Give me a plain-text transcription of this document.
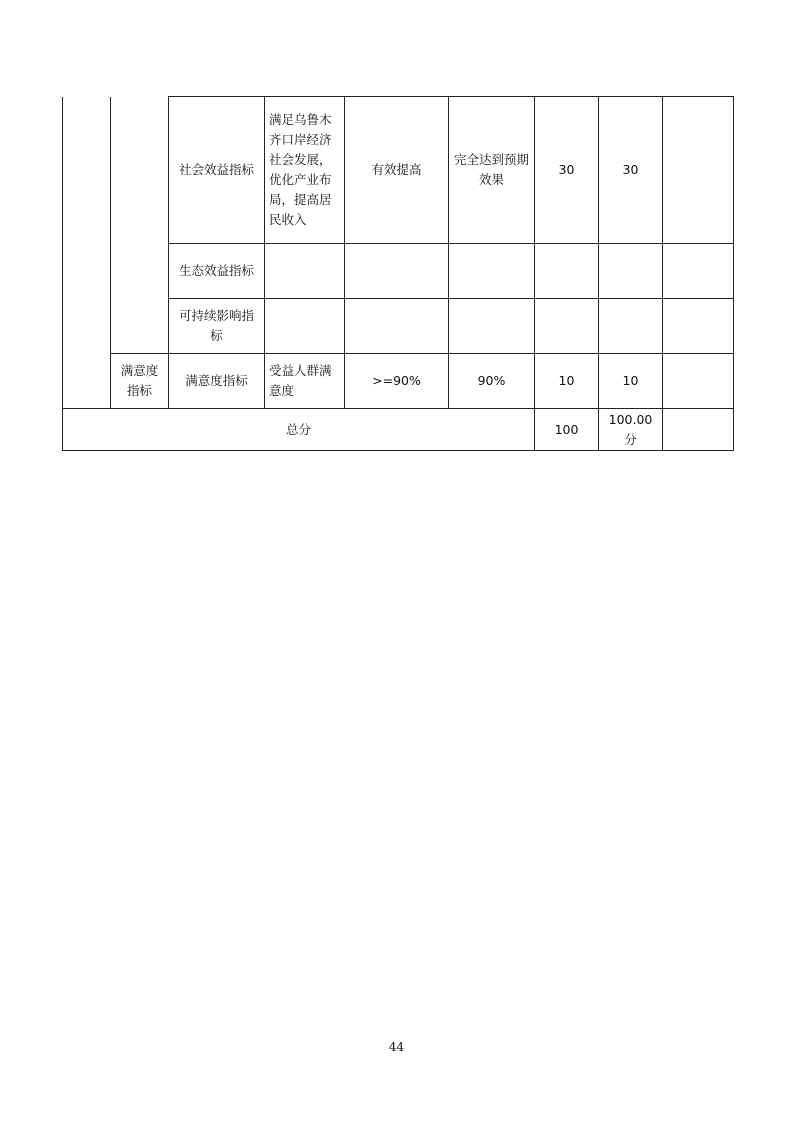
		社会效益指标	满足乌鲁木齐口岸经济社会发展，优化产业布局，提高居民收入	有效提高	完全达到预期效果	30	30	
		生态效益指标						
		可持续影响指标						
	满意度指标	满意度指标	受益人群满意度	>=90%	90%	10	10	
总分						100	100.00分	
44
